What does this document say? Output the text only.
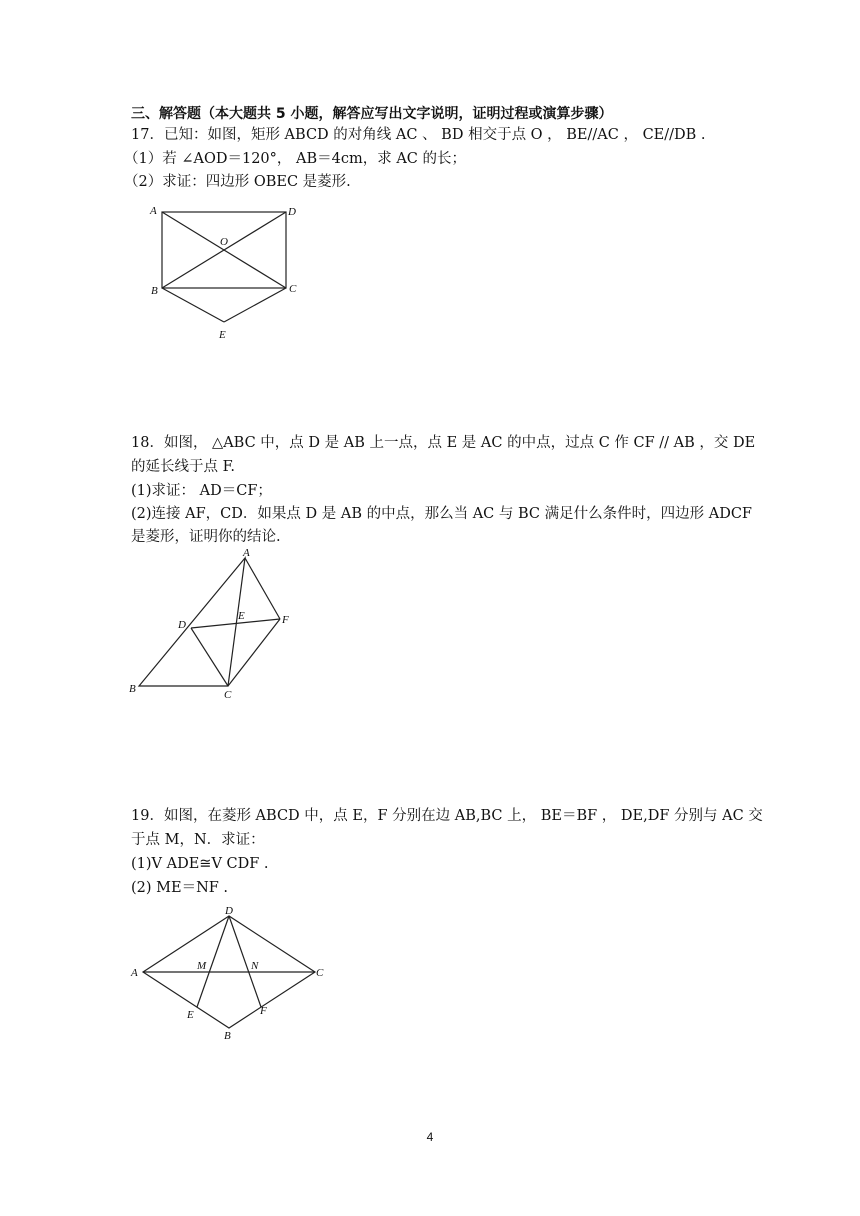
三、解答题（本大题共 5 小题，解答应写出文字说明，证明过程或演算步骤）
17．已知：如图，矩形 ABCD 的对角线 AC 、 BD 相交于点 O ， BE//AC ， CE//DB .
（1）若 ∠AOD＝120°， AB＝4cm，求 AC 的长；
（2）求证：四边形 OBEC 是菱形.
A	D
O
B	C
E
18．如图， △ABC 中，点 D 是 AB 上一点，点 E 是 AC 的中点，过点 C 作 CF // AB ，交 DE
的延长线于点 F.
(1)求证： AD＝CF；
(2)连接 AF，CD．如果点 D 是 AB 的中点，那么当 AC 与 BC 满足什么条件时，四边形 ADCF
是菱形，证明你的结论.
A
D
E	F
B	C
19．如图，在菱形 ABCD 中，点 E，F 分别在边 AB,BC 上， BE＝BF ， DE,DF 分别与 AC 交
于点 M，N．求证：
(1)V ADE≅V CDF .
(2) ME＝NF .
D
A
M	N
C
E	F
B
4
